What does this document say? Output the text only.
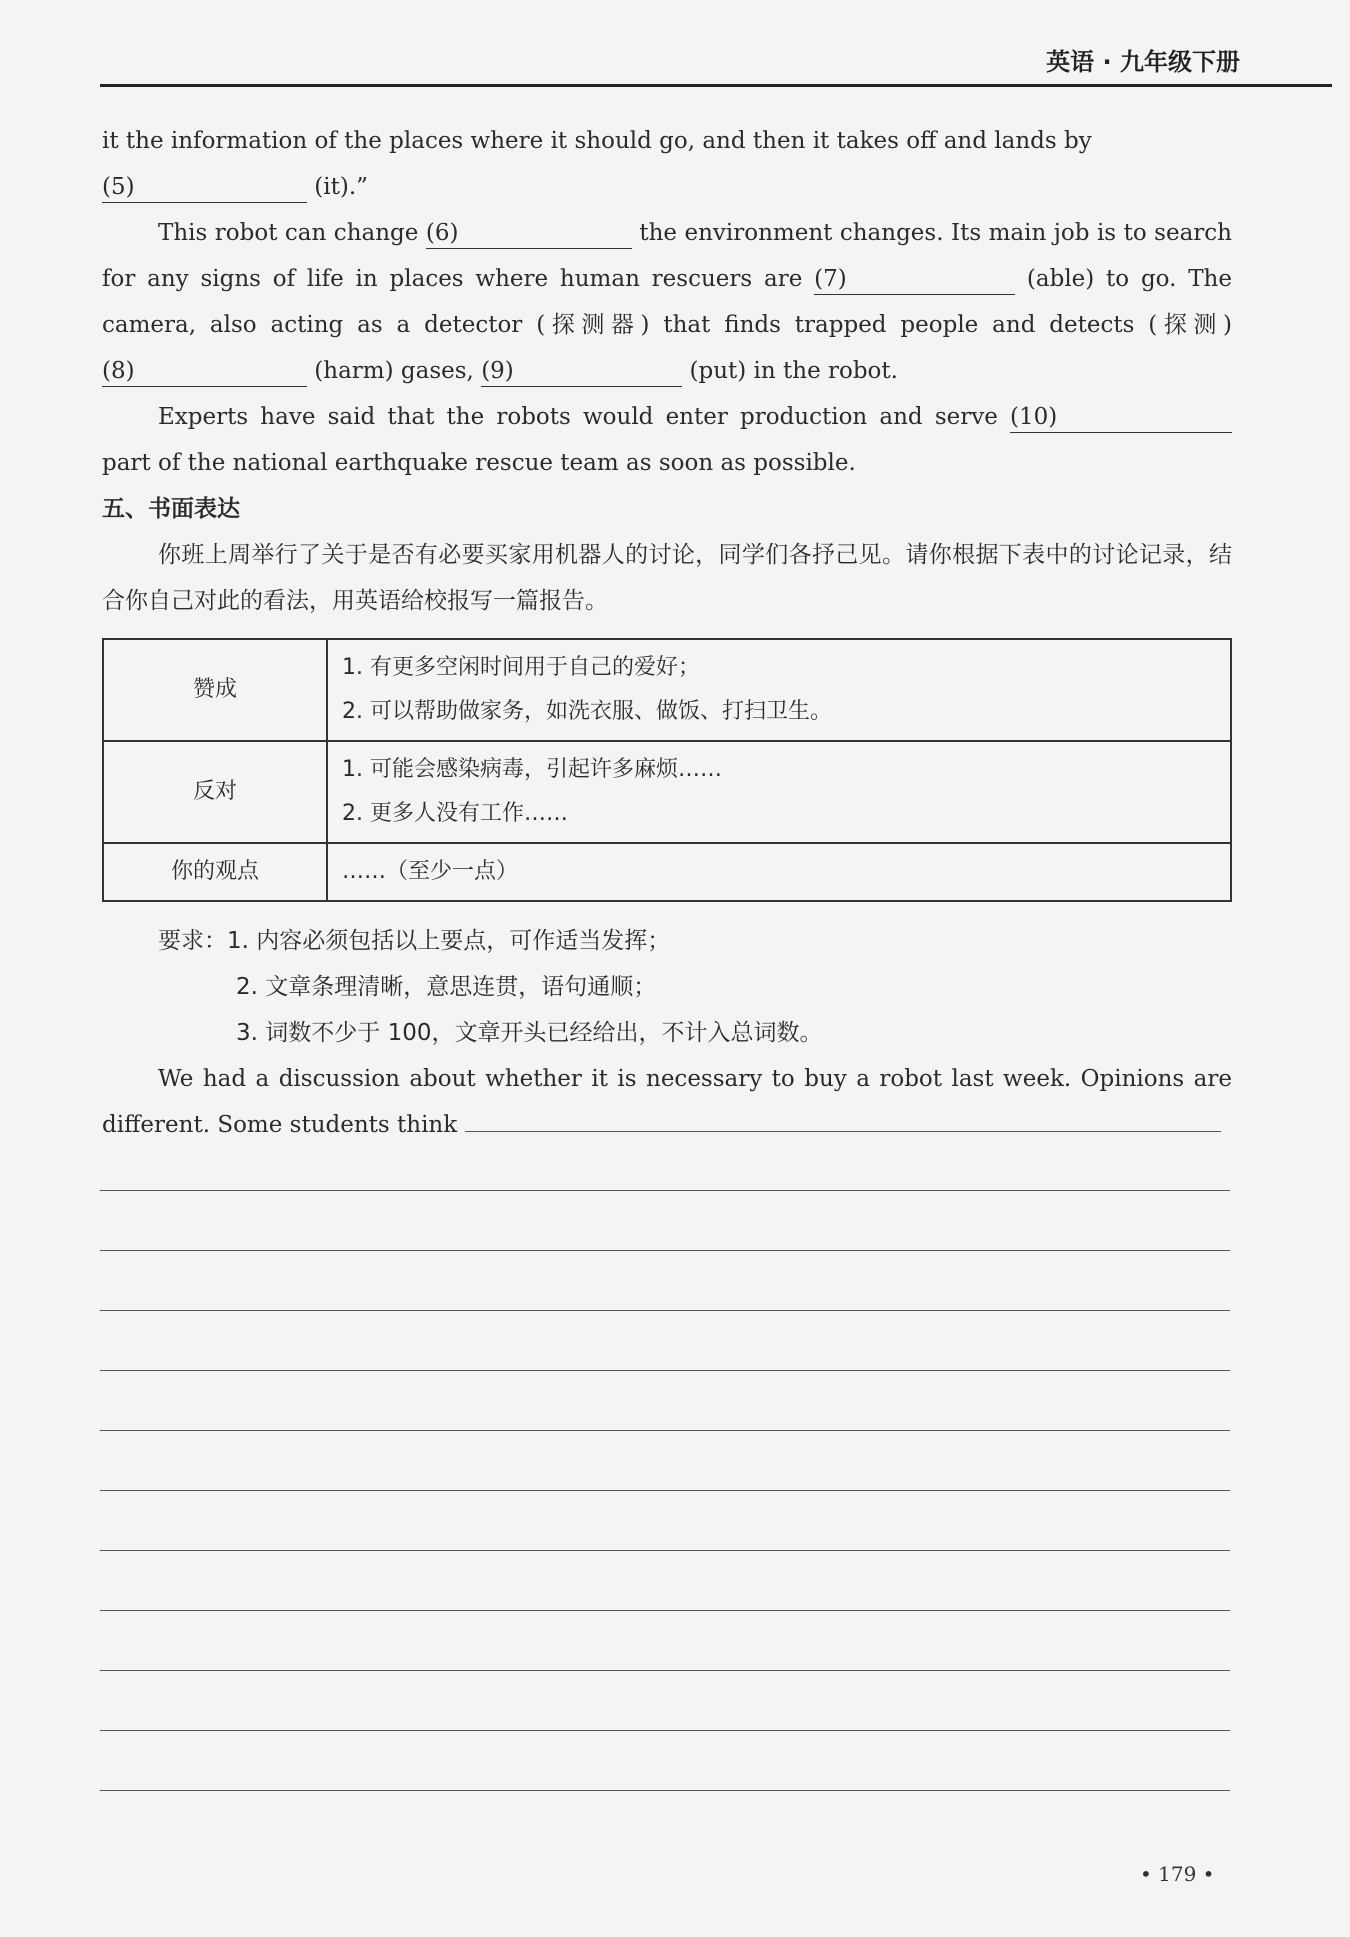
英语 · 九年级下册

it the information of the places where it should go, and then it takes off and lands by
(5)	(it).”

This robot can change (6)	the environment changes. Its main job is to search for any signs of life in places where human rescuers are (7)	(able) to go. The camera, also acting as a detector (探测器) that finds trapped people and detects (探测) (8)	(harm) gases, (9)	(put) in the robot.

Experts have said that the robots would enter production and serve (10) part of the national earthquake rescue team as soon as possible.

五、书面表达

你班上周举行了关于是否有必要买家用机器人的讨论，同学们各抒己见。请你根据下表中的讨论记录，结合你自己对此的看法，用英语给校报写一篇报告。

赞成	1. 有更多空闲时间用于自己的爱好；
2. 可以帮助做家务，如洗衣服、做饭、打扫卫生。

反对	1. 可能会感染病毒，引起许多麻烦……
2. 更多人没有工作……

你的观点	……（至少一点）

要求：1. 内容必须包括以上要点，可作适当发挥；

2. 文章条理清晰，意思连贯，语句通顺；

3. 词数不少于 100，文章开头已经给出，不计入总词数。

We had a discussion about whether it is necessary to buy a robot last week. Opinions are different. Some students think

• 179 •
